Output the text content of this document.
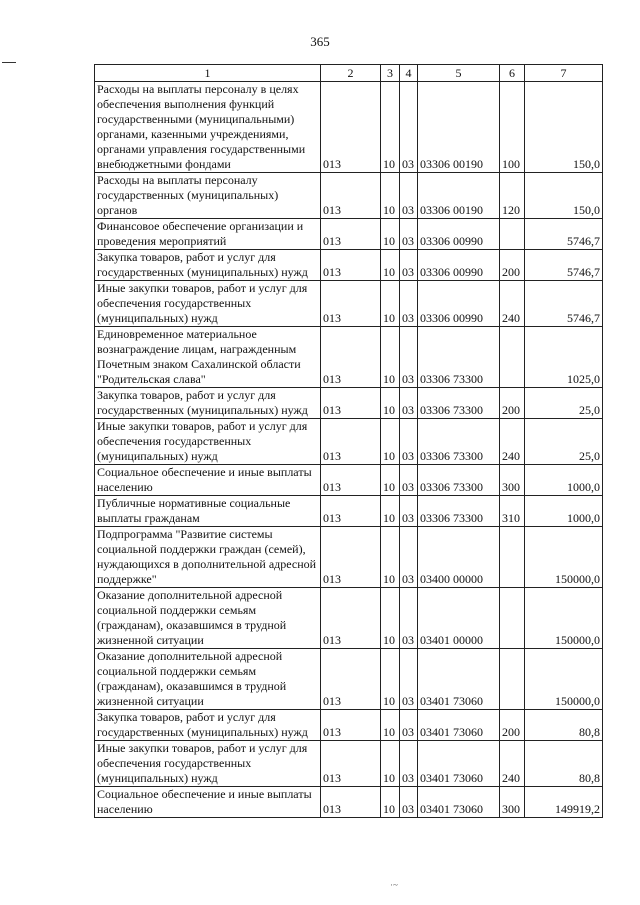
365
1	2	3	4	5	6	7
Расходы на выплаты персоналу в целях обеспечения выполнения функций государственными (муниципальными) органами, казенными учреждениями, органами управления государственными внебюджетными фондами	013	10	03	03306 00190	100	150,0
Расходы на выплаты персоналу государственных (муниципальных) органов	013	10	03	03306 00190	120	150,0
Финансовое обеспечение организации и проведения мероприятий	013	10	03	03306 00990		5746,7
Закупка товаров, работ и услуг для государственных (муниципальных) нужд	013	10	03	03306 00990	200	5746,7
Иные закупки товаров, работ и услуг для обеспечения государственных (муниципальных) нужд	013	10	03	03306 00990	240	5746,7
Единовременное материальное вознаграждение лицам, награжденным Почетным знаком Сахалинской области "Родительская слава"	013	10	03	03306 73300		1025,0
Закупка товаров, работ и услуг для государственных (муниципальных) нужд	013	10	03	03306 73300	200	25,0
Иные закупки товаров, работ и услуг для обеспечения государственных (муниципальных) нужд	013	10	03	03306 73300	240	25,0
Социальное обеспечение и иные выплаты населению	013	10	03	03306 73300	300	1000,0
Публичные нормативные социальные выплаты гражданам	013	10	03	03306 73300	310	1000,0
Подпрограмма "Развитие системы социальной поддержки граждан (семей), нуждающихся в дополнительной адресной поддержке"	013	10	03	03400 00000		150000,0
Оказание дополнительной адресной социальной поддержки семьям (гражданам), оказавшимся в трудной жизненной ситуации	013	10	03	03401 00000		150000,0
Оказание дополнительной адресной социальной поддержки семьям (гражданам), оказавшимся в трудной жизненной ситуации	013	10	03	03401 73060		150000,0
Закупка товаров, работ и услуг для государственных (муниципальных) нужд	013	10	03	03401 73060	200	80,8
Иные закупки товаров, работ и услуг для обеспечения государственных (муниципальных) нужд	013	10	03	03401 73060	240	80,8
Социальное обеспечение и иные выплаты населению	013	10	03	03401 73060	300	149919,2
·~
